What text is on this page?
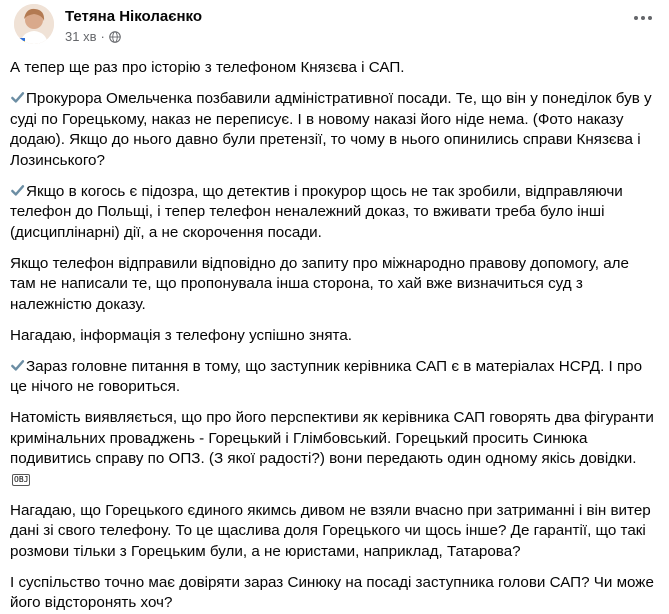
Тетяна Ніколаєнко
31 хв ·

А тепер ще раз про історію з телефоном Князєва і САП.

Прокурора Омельченка позбавили адміністративної посади. Те, що він у понеділок був у суді по Горецькому, наказ не переписує. І в новому наказі його ніде нема. (Фото наказу додаю). Якщо до нього давно були претензії, то чому в нього опинились справи Князєва і Лозинського?

Якщо в когось є підозра, що детектив і прокурор щось не так зробили, відправляючи телефон до Польщі, і тепер телефон неналежний доказ, то вживати треба було інші (дисциплінарні) дії, а не скорочення посади.

Якщо телефон відправили відповідно до запиту про міжнародно правову допомогу, але там не написали те, що пропонувала інша сторона, то хай вже визначиться суд з належністю доказу.

Нагадаю, інформація з телефону успішно знята.

Зараз головне питання в тому, що заступник керівника САП є в матеріалах НСРД. І про це нічого не говориться.

Натомість виявляється, що про його перспективи як керівника САП говорять два фігуранти кримінальних проваджень - Горецький і Глімбовський. Горецький просить Синюка подивитись справу по ОПЗ. (З якої радості?) вони передають один одному якісь довідки.OBJ

Нагадаю, що Горецького єдиного якимсь дивом не взяли вчасно при затриманні і він витер дані зі свого телефону. То це щаслива доля Горецького чи щось інше? Де гарантії, що такі розмови тільки з Горецьким були, а не юристами, наприклад, Татарова?

І суспільство точно має довіряти зараз Синюку на посаді заступника голови САП? Чи може його відсторонять хоч?
